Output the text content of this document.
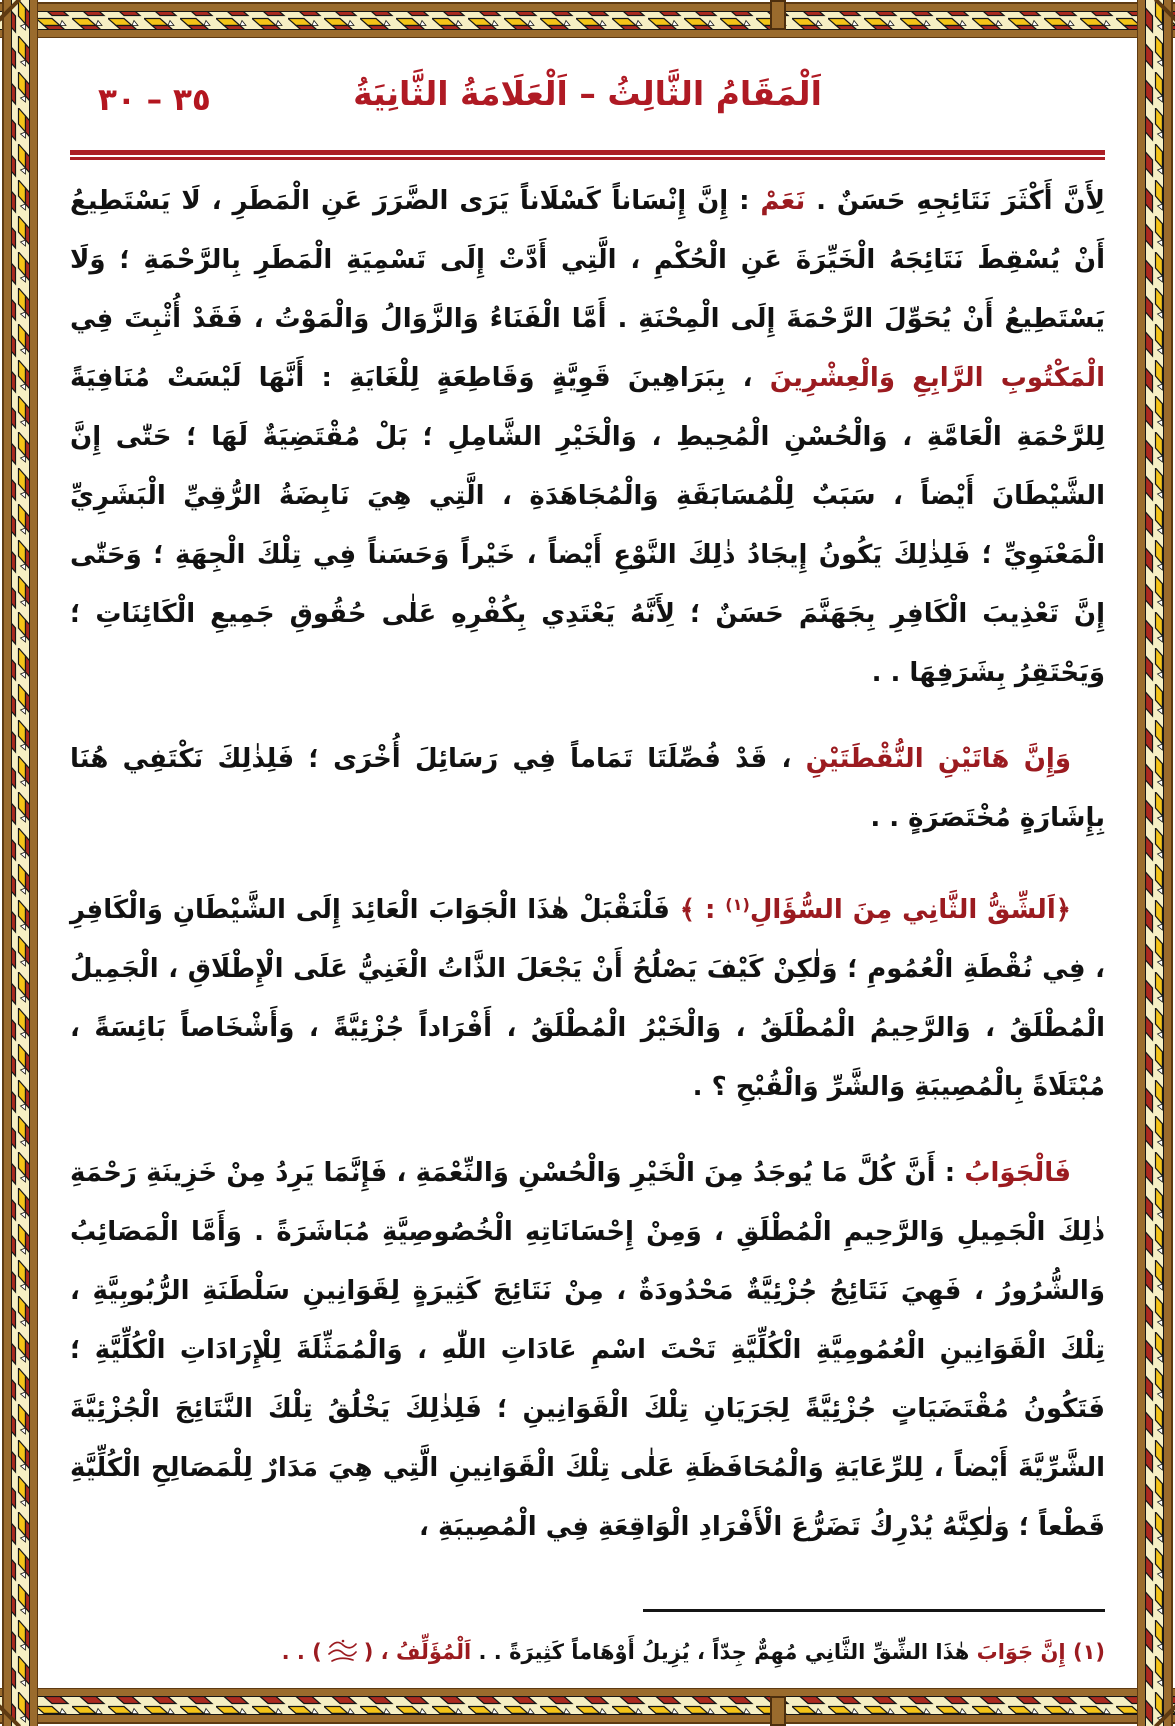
٣٥ – ٣٠	اَلْمَقَامُ الثَّالِثُ – اَلْعَلَامَةُ الثَّانِيَةُ

لِأَنَّ أَكْثَرَ نَتَائِجِهِ حَسَنٌ . نَعَمْ : إِنَّ إِنْسَاناً كَسْلَاناً يَرَى الضَّرَرَ عَنِ الْمَطَرِ ، لَا يَسْتَطِيعُ أَنْ يُسْقِطَ نَتَائِجَهُ الْخَيِّرَةَ عَنِ الْحُكْمِ ، الَّتِي أَدَّتْ إِلَى تَسْمِيَةِ الْمَطَرِ بِالرَّحْمَةِ ؛ وَلَا يَسْتَطِيعُ أَنْ يُحَوِّلَ الرَّحْمَةَ إِلَى الْمِحْنَةِ . أَمَّا الْفَنَاءُ وَالزَّوَالُ وَالْمَوْتُ ، فَقَدْ أُثْبِتَ فِي الْمَكْتُوبِ الرَّابِعِ وَالْعِشْرِينَ ، بِبَرَاهِينَ قَوِيَّةٍ وَقَاطِعَةٍ لِلْغَايَةِ : أَنَّهَا لَيْسَتْ مُنَافِيَةً لِلرَّحْمَةِ الْعَامَّةِ ، وَالْحُسْنِ الْمُحِيطِ ، وَالْخَيْرِ الشَّامِلِ ؛ بَلْ مُقْتَضِيَةٌ لَهَا ؛ حَتّٰى إِنَّ الشَّيْطَانَ أَيْضاً ، سَبَبٌ لِلْمُسَابَقَةِ وَالْمُجَاهَدَةِ ، الَّتِي هِيَ نَابِضَةُ الرُّقِيِّ الْبَشَرِيِّ الْمَعْنَوِيِّ ؛ فَلِذٰلِكَ يَكُونُ إِيجَادُ ذٰلِكَ النَّوْعِ أَيْضاً ، خَيْراً وَحَسَناً فِي تِلْكَ الْجِهَةِ ؛ وَحَتّٰى إِنَّ تَعْذِيبَ الْكَافِرِ بِجَهَنَّمَ حَسَنٌ ؛ لِأَنَّهُ يَعْتَدِي بِكُفْرِهِ عَلٰى حُقُوقِ جَمِيعِ الْكَائِنَاتِ ؛ وَيَحْتَقِرُ بِشَرَفِهَا . .

وَإِنَّ هَاتَيْنِ النُّقْطَتَيْنِ ، قَدْ فُصِّلَتَا تَمَاماً فِي رَسَائِلَ أُخْرَى ؛ فَلِذٰلِكَ نَكْتَفِي هُنَا بِإِشَارَةٍ مُخْتَصَرَةٍ . .

﴿اَلشِّقُّ الثَّانِي مِنَ السُّؤَالِ$^{(١)}$ : ﴾ فَلْنَقْبَلْ هٰذَا الْجَوَابَ الْعَائِدَ إِلَى الشَّيْطَانِ وَالْكَافِرِ ، فِي نُقْطَةِ الْعُمُومِ ؛ وَلٰكِنْ كَيْفَ يَصْلُحُ أَنْ يَجْعَلَ الذَّاتُ الْغَنِيُّ عَلَى الْإِطْلَاقِ ، الْجَمِيلُ الْمُطْلَقُ ، وَالرَّحِيمُ الْمُطْلَقُ ، وَالْخَيْرُ الْمُطْلَقُ ، أَفْرَاداً جُزْئِيَّةً ، وَأَشْخَاصاً بَائِسَةً ، مُبْتَلَاةً بِالْمُصِيبَةِ وَالشَّرِّ وَالْقُبْحِ ؟ .

فَالْجَوَابُ : أَنَّ كُلَّ مَا يُوجَدُ مِنَ الْخَيْرِ وَالْحُسْنِ وَالنِّعْمَةِ ، فَإِنَّمَا يَرِدُ مِنْ خَزِينَةِ رَحْمَةِ ذٰلِكَ الْجَمِيلِ وَالرَّحِيمِ الْمُطْلَقِ ، وَمِنْ إِحْسَانَاتِهِ الْخُصُوصِيَّةِ مُبَاشَرَةً . وَأَمَّا الْمَصَائِبُ وَالشُّرُورُ ، فَهِيَ نَتَائِجُ جُزْئِيَّةٌ مَحْدُودَةٌ ، مِنْ نَتَائِجَ كَثِيرَةٍ لِقَوَانِينِ سَلْطَنَةِ الرُّبُوبِيَّةِ ، تِلْكَ الْقَوَانِينِ الْعُمُومِيَّةِ الْكُلِّيَّةِ تَحْتَ اسْمِ عَادَاتِ اللّٰهِ ، وَالْمُمَثِّلَةَ لِلْإِرَادَاتِ الْكُلِّيَّةِ ؛ فَتَكُونُ مُقْتَضَيَاتٍ جُزْئِيَّةً لِجَرَيَانِ تِلْكَ الْقَوَانِينِ ؛ فَلِذٰلِكَ يَخْلُقُ تِلْكَ النَّتَائِجَ الْجُزْئِيَّةَ الشَّرِّيَّةَ أَيْضاً ، لِلرِّعَايَةِ وَالْمُحَافَظَةِ عَلٰى تِلْكَ الْقَوَانِينِ الَّتِي هِيَ مَدَارٌ لِلْمَصَالِحِ الْكُلِّيَّةِ قَطْعاً ؛ وَلٰكِنَّهُ يُدْرِكُ تَضَرُّعَ الْأَفْرَادِ الْوَاقِعَةِ فِي الْمُصِيبَةِ ،

(١) إِنَّ جَوَابَ هٰذَا الشِّقِّ الثَّانِي مُهِمٌّ جِدّاً ، يُزِيلُ أَوْهَاماً كَثِيرَةً . . اَلْمُؤَلِّفُ ، () . .
